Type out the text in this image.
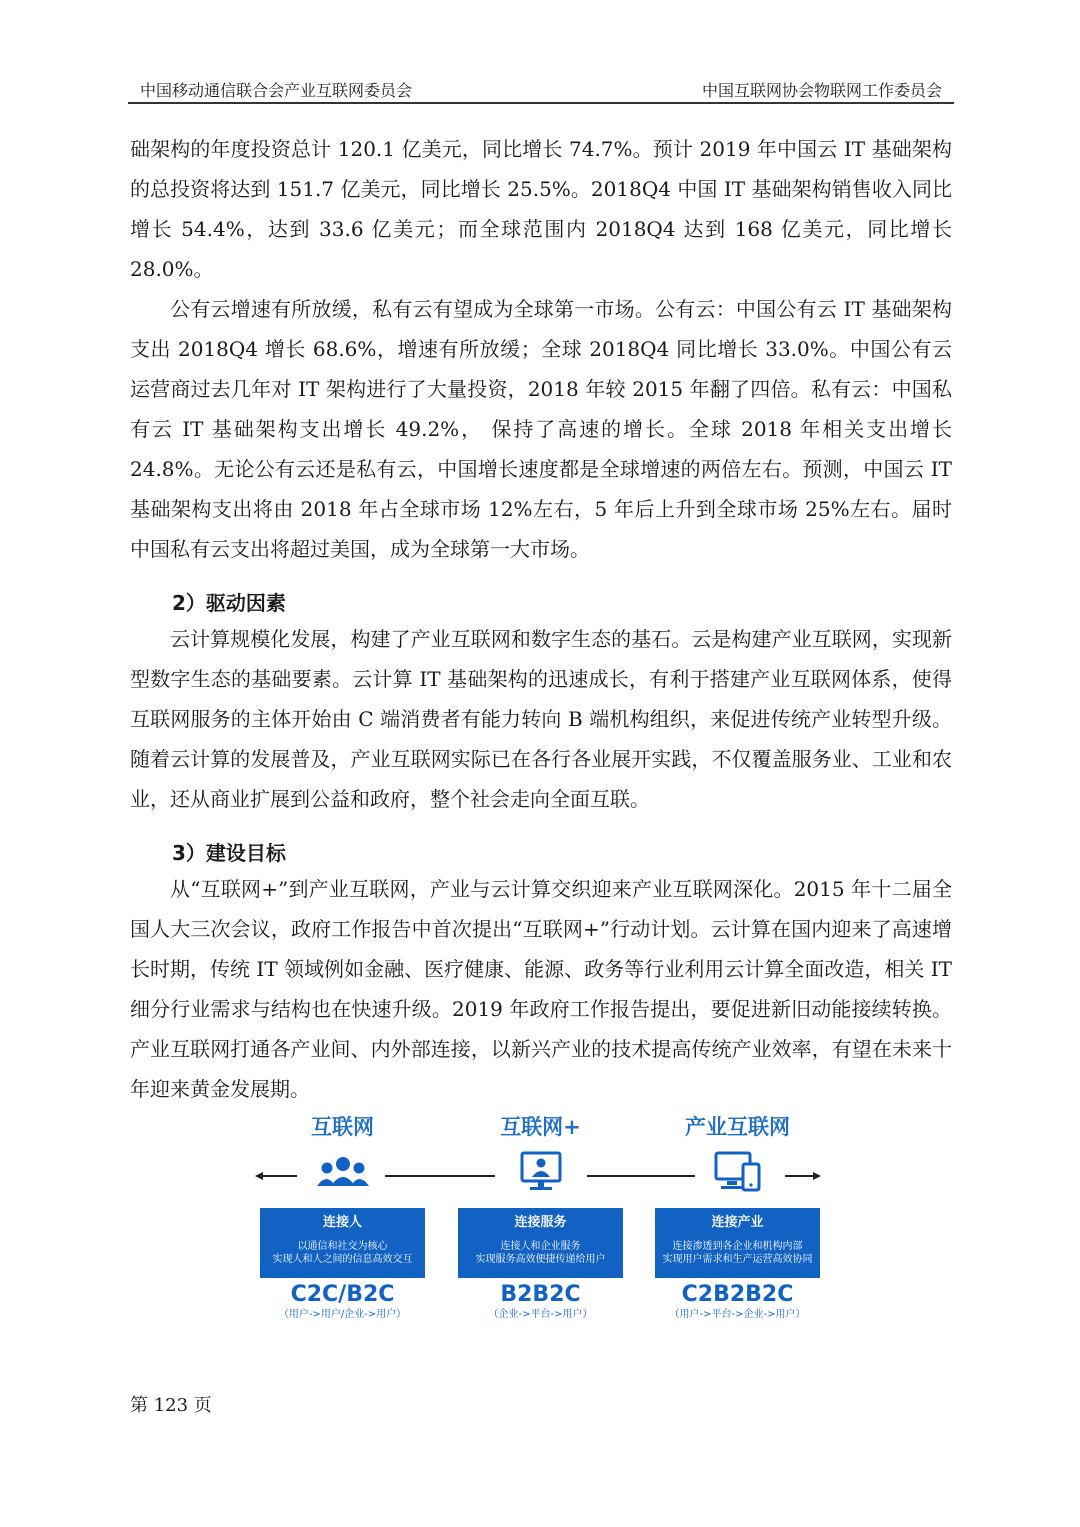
中国移动通信联合会产业互联网委员会	中国互联网协会物联网工作委员会

础架构的年度投资总计 120.1 亿美元，同比增长 74.7%。预计 2019 年中国云 IT 基础架构的总投资将达到 151.7 亿美元，同比增长 25.5%。2018Q4 中国 IT 基础架构销售收入同比增长 54.4%，达到 33.6 亿美元；而全球范围内 2018Q4 达到 168 亿美元，同比增长 28.0%。

公有云增速有所放缓，私有云有望成为全球第一市场。公有云：中国公有云 IT 基础架构支出 2018Q4 增长 68.6%，增速有所放缓；全球 2018Q4 同比增长 33.0%。中国公有云运营商过去几年对 IT 架构进行了大量投资，2018 年较 2015 年翻了四倍。私有云：中国私有云 IT 基础架构支出增长 49.2%， 保持了高速的增长。全球 2018 年相关支出增长 24.8%。无论公有云还是私有云，中国增长速度都是全球增速的两倍左右。预测，中国云 IT 基础架构支出将由 2018 年占全球市场 12%左右，5 年后上升到全球市场 25%左右。届时中国私有云支出将超过美国，成为全球第一大市场。

2）驱动因素

云计算规模化发展，构建了产业互联网和数字生态的基石。云是构建产业互联网，实现新型数字生态的基础要素。云计算 IT 基础架构的迅速成长，有利于搭建产业互联网体系，使得互联网服务的主体开始由 C 端消费者有能力转向 B 端机构组织，来促进传统产业转型升级。随着云计算的发展普及，产业互联网实际已在各行各业展开实践，不仅覆盖服务业、工业和农业，还从商业扩展到公益和政府，整个社会走向全面互联。

3）建设目标

从“互联网+”到产业互联网，产业与云计算交织迎来产业互联网深化。2015 年十二届全国人大三次会议，政府工作报告中首次提出“互联网+”行动计划。云计算在国内迎来了高速增长时期，传统 IT 领域例如金融、医疗健康、能源、政务等行业利用云计算全面改造，相关 IT 细分行业需求与结构也在快速升级。2019 年政府工作报告提出，要促进新旧动能接续转换。产业互联网打通各产业间、内外部连接，以新兴产业的技术提高传统产业效率，有望在未来十年迎来黄金发展期。

互联网
连接人
以通信和社交为核心
实现人和人之间的信息高效交互
C2C/B2C
（用户->用户/企业->用户）
互联网+
连接服务
连接人和企业服务
实现服务高效便捷传递给用户
B2B2C
（企业->平台->用户）
产业互联网
连接产业
连接渗透到各企业和机构内部
实现用户需求和生产运营高效协同
C2B2B2C
（用户->平台->企业->用户）
第 123 页
